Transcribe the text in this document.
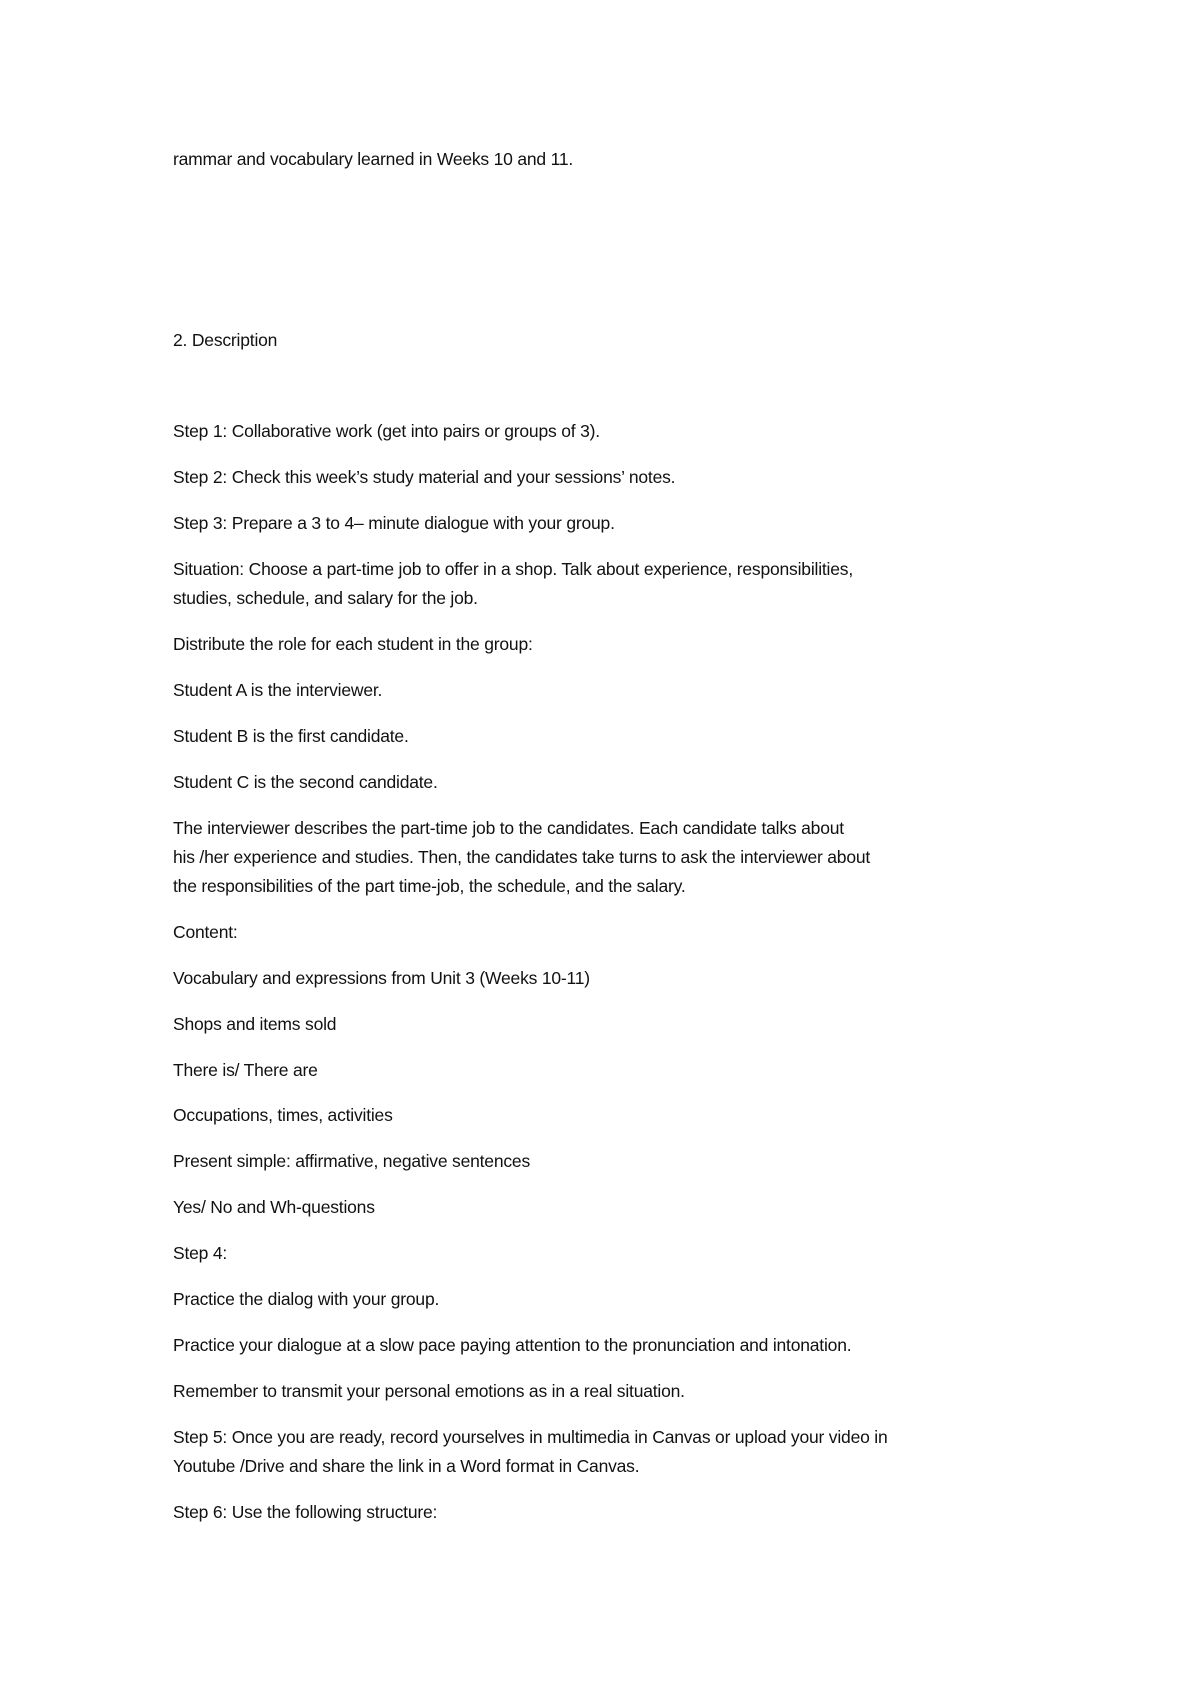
rammar and vocabulary learned in Weeks 10 and 11.
2. Description
Step 1: Collaborative work (get into pairs or groups of 3).
Step 2: Check this week’s study material and your sessions’ notes.
Step 3: Prepare a 3 to 4– minute dialogue with your group.
Situation: Choose a part-time job to offer in a shop. Talk about experience, responsibilities,
studies, schedule, and salary for the job.
Distribute the role for each student in the group:
Student A is the interviewer.
Student B is the first candidate.
Student C is the second candidate.
The interviewer describes the part-time job to the candidates. Each candidate talks about
his /her experience and studies. Then, the candidates take turns to ask the interviewer about
the responsibilities of the part time-job, the schedule, and the salary.
Content:
Vocabulary and expressions from Unit 3 (Weeks 10-11)
Shops and items sold
There is/ There are
Occupations, times, activities
Present simple: affirmative, negative sentences
Yes/ No and Wh-questions
Step 4:
Practice the dialog with your group.
Practice your dialogue at a slow pace paying attention to the pronunciation and intonation.
Remember to transmit your personal emotions as in a real situation.
Step 5: Once you are ready, record yourselves in multimedia in Canvas or upload your video in
Youtube /Drive and share the link in a Word format in Canvas.
Step 6: Use the following structure:
